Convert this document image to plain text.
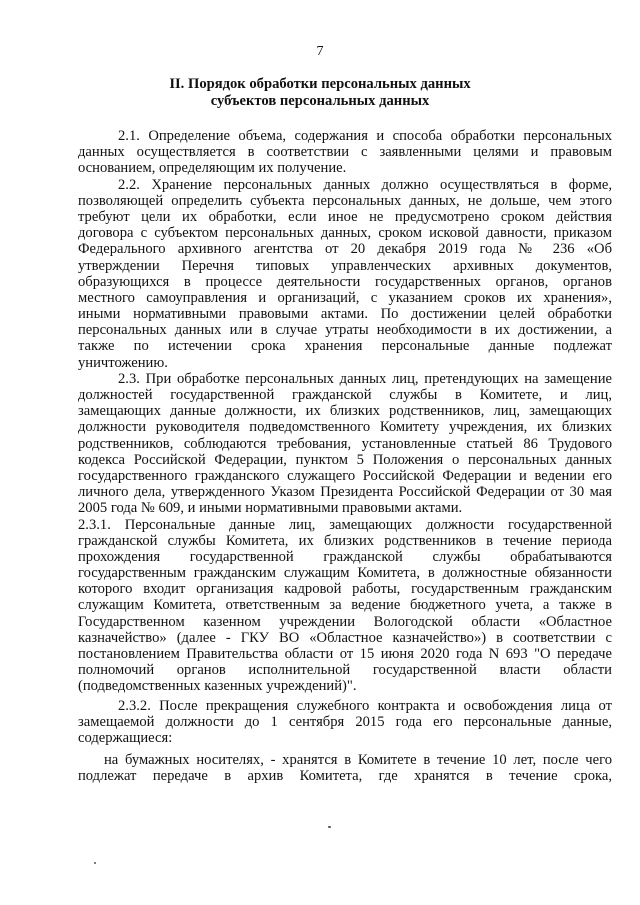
7
II. Порядок обработки персональных данных
субъектов персональных данных
2.1. Определение объема, содержания и способа обработки персональных
данных осуществляется в соответствии с заявленными целями и правовым
основанием, определяющим их получение.
2.2. Хранение персональных данных должно осуществляться в форме,
позволяющей определить субъекта персональных данных, не дольше, чем этого
требуют цели их обработки, если иное не предусмотрено сроком действия
договора с субъектом персональных данных, сроком исковой давности, приказом
Федерального архивного агентства от 20 декабря 2019 года № 236 «Об
утверждении Перечня типовых управленческих архивных документов,
образующихся в процессе деятельности государственных органов, органов
местного самоуправления и организаций, с указанием сроков их хранения»,
иными нормативными правовыми актами. По достижении целей обработки
персональных данных или в случае утраты необходимости в их достижении, а
также по истечении срока хранения персональные данные подлежат
уничтожению.
2.3. При обработке персональных данных лиц, претендующих на замещение
должностей государственной гражданской службы в Комитете, и лиц,
замещающих данные должности, их близких родственников, лиц, замещающих
должности руководителя подведомственного Комитету учреждения, их близких
родственников, соблюдаются требования, установленные статьей 86 Трудового
кодекса Российской Федерации, пунктом 5 Положения о персональных данных
государственного гражданского служащего Российской Федерации и ведении его
личного дела, утвержденного Указом Президента Российской Федерации от 30 мая
2005 года № 609, и иными нормативными правовыми актами.
2.3.1. Персональные данные лиц, замещающих должности государственной
гражданской службы Комитета, их близких родственников в течение периода
прохождения государственной гражданской службы обрабатываются
государственным гражданским служащим Комитета, в должностные обязанности
которого входит организация кадровой работы, государственным гражданским
служащим Комитета, ответственным за ведение бюджетного учета, а также в
Государственном казенном учреждении Вологодской области «Областное
казначейство» (далее - ГКУ ВО «Областное казначейство») в соответствии с
постановлением Правительства области от 15 июня 2020 года N 693 "О передаче
полномочий органов исполнительной государственной власти области
(подведомственных казенных учреждений)".
2.3.2. После прекращения служебного контракта и освобождения лица от
замещаемой должности до 1 сентября 2015 года его персональные данные,
содержащиеся:
на бумажных носителях, - хранятся в Комитете в течение 10 лет, после чего
подлежат передаче в архив Комитета, где хранятся в течение срока,
